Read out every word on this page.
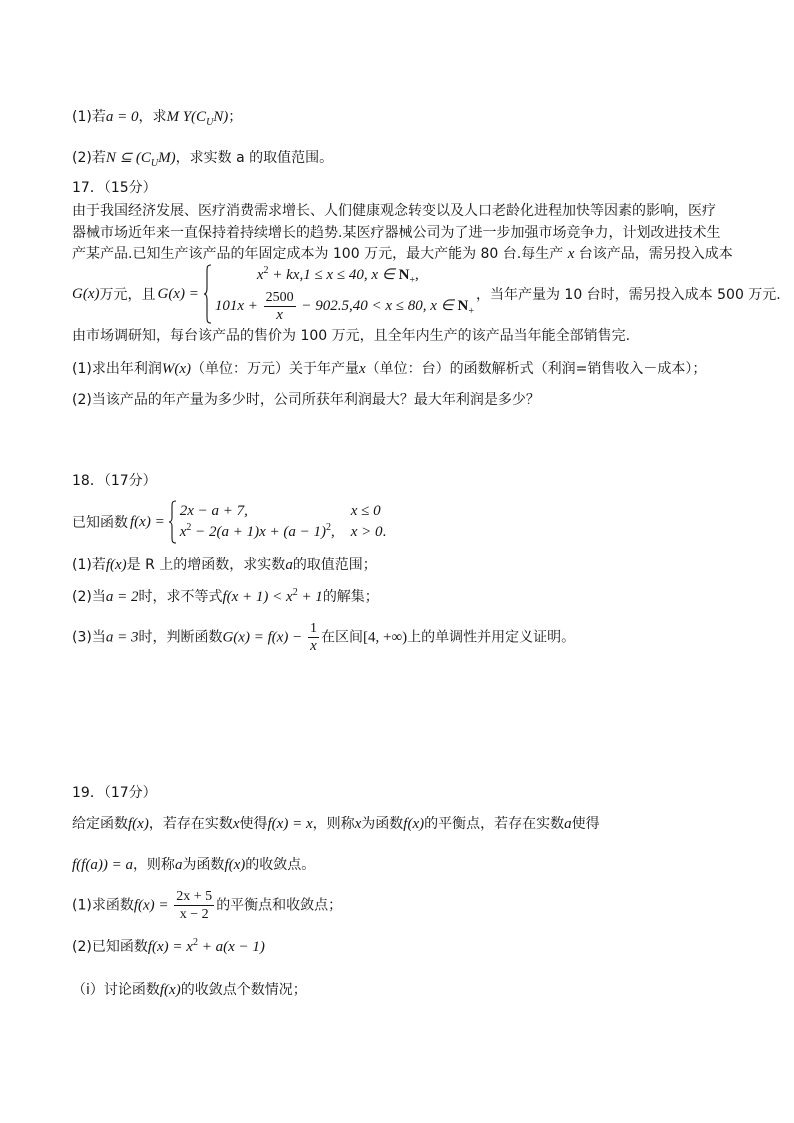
(1)若a = 0，求M $Y(C_UN)$；
(2)若N ⊆ $(C_UM)$，求实数 a 的取值范围。
17．（15分）
由于我国经济发展、医疗消费需求增长、人们健康观念转变以及人口老龄化进程加快等因素的影响，医疗
器械市场近年来一直保持着持续增长的趋势.某医疗器械公司为了进一步加强市场竞争力，计划改进技术生
产某产品.已知生产该产品的年固定成本为 100 万元，最大产能为 80 台.每生产 x 台该产品，需另投入成本
G(x) 万元，且 G(x) =
$x^2 + kx,1 \le x \le 40$, x ∈ $N_+$,
$101x + \frac{2500}{x} - 902.5,40 < x \le 80$, x ∈ $N_+$
，当年产量为 10 台时，需另投入成本 500 万元.
由市场调研知，每台该产品的售价为 100 万元，且全年内生产的该产品当年能全部销售完.
(1)求出年利润W(x)（单位：万元）关于年产量x（单位：台）的函数解析式（利润=销售收入－成本）；
(2)当该产品的年产量为多少时，公司所获年利润最大？最大年利润是多少？
18．（17分）
已知函数 f(x) =
2x − a + 7,	x ≤ 0
$x^2 - 2(a + 1)x + (a - 1)^2$, x > 0.
(1)若f(x)是 R 上的增函数，求实数a的取值范围；
(2)当a = 2时，求不等式$f(x + 1) < x^2 + 1$的解集；
(3)当a = 3时，判断函数$G(x) = f(x) - \frac{1}{x}$ 在区间[4, +∞)上的单调性并用定义证明。
19．（17分）
给定函数f(x)，若存在实数x使得f(x) = x，则称x为函数f(x)的平衡点，若存在实数a使得
f(f(a)) = a，则称a为函数f(x)的收敛点。
(1)求函数$f(x) = \frac{2x + 5}{x - 2}$ 的平衡点和收敛点；
(2)已知函数$f(x) = x^2 + a(x - 1)$
（ⅰ）讨论函数f(x)的收敛点个数情况；
